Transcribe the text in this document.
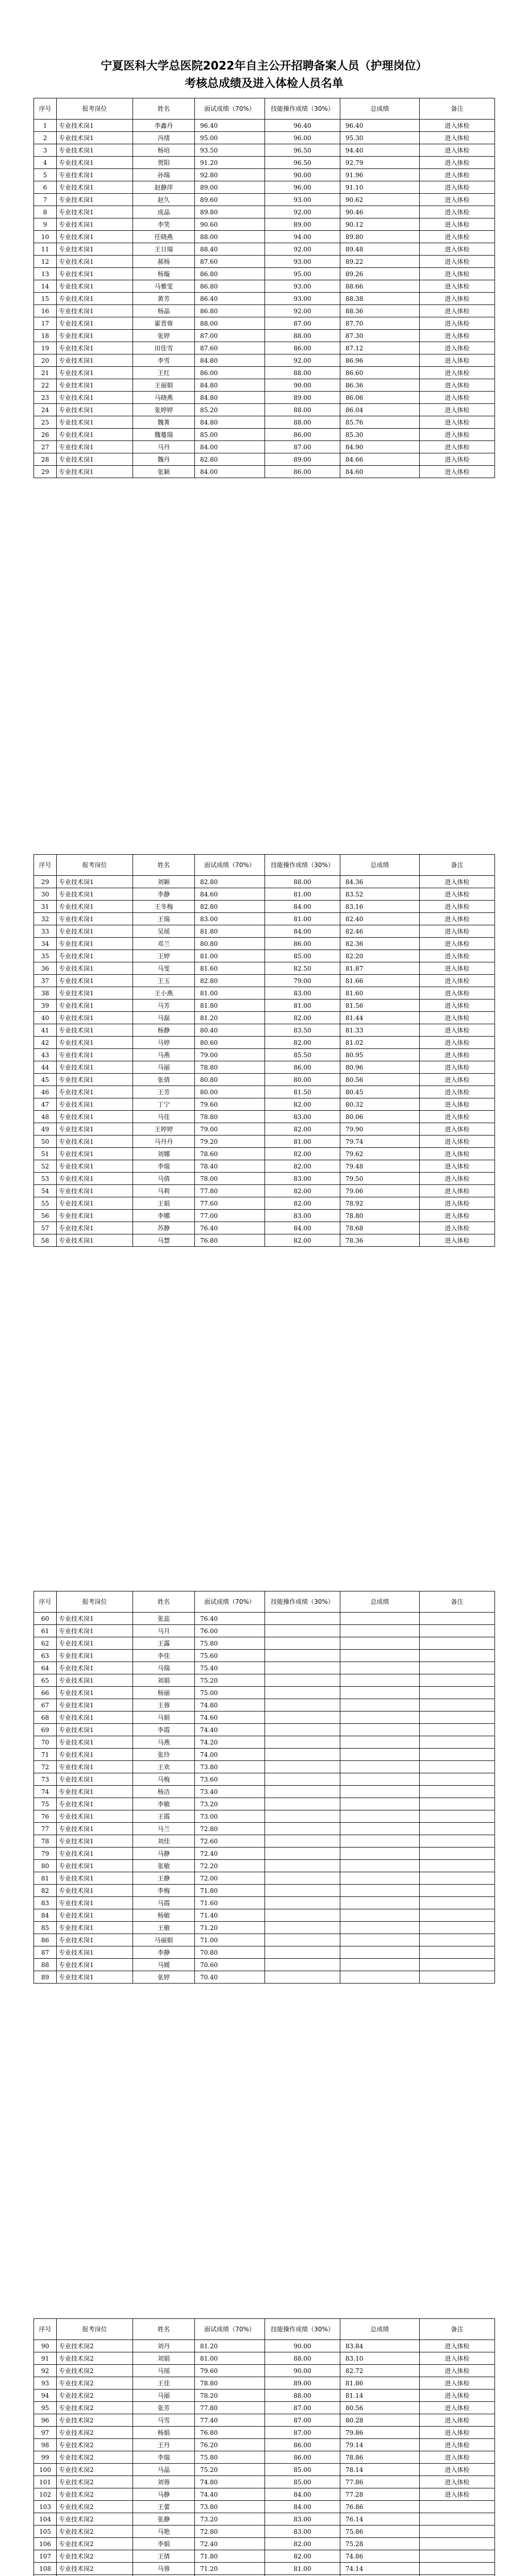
宁夏医科大学总医院2022年自主公开招聘备案人员（护理岗位）
考核总成绩及进入体检人员名单
序号	报考岗位	姓名	面试成绩（70%）	技能操作成绩（30%）	总成绩	备注
1	专业技术岗1	李鑫丹	96.40	96.40	96.40	进入体检
2	专业技术岗1	冯绪	95.00	96.00	95.30	进入体检
3	专业技术岗1	杨培	93.50	96.50	94.40	进入体检
4	专业技术岗1	贾阳	91.20	96.50	92.79	进入体检
5	专业技术岗1	孙瑞	92.80	90.00	91.96	进入体检
6	专业技术岗1	赵静萍	89.00	96.00	91.10	进入体检
7	专业技术岗1	赵久	89.60	93.00	90.62	进入体检
8	专业技术岗1	成晶	89.80	92.00	90.46	进入体检
9	专业技术岗1	李笑	90.60	89.00	90.12	进入体检
10	专业技术岗1	任晓燕	88.00	94.00	89.80	进入体检
11	专业技术岗1	王日瑞	88.40	92.00	89.48	进入体检
12	专业技术岗1	郝杨	87.60	93.00	89.22	进入体检
13	专业技术岗1	杨璇	86.80	95.00	89.26	进入体检
14	专业技术岗1	马雅雯	86.80	93.00	88.66	进入体检
15	专业技术岗1	黄芳	86.40	93.00	88.38	进入体检
16	专业技术岗1	杨晶	86.80	92.00	88.36	进入体检
17	专业技术岗1	霍晋蓉	88.00	87.00	87.70	进入体检
18	专业技术岗1	张婷	87.00	88.00	87.30	进入体检
19	专业技术岗1	田佳雪	87.60	86.00	87.12	进入体检
20	专业技术岗1	李雪	84.80	92.00	86.96	进入体检
21	专业技术岗1	王红	86.00	88.00	86.60	进入体检
22	专业技术岗1	王丽娟	84.80	90.00	86.36	进入体检
23	专业技术岗1	马晓燕	84.80	89.00	86.06	进入体检
24	专业技术岗1	张婷婷	85.20	88.00	86.04	进入体检
25	专业技术岗1	魏菁	84.80	88.00	85.76	进入体检
26	专业技术岗1	魏蔓瑞	85.00	86.00	85.30	进入体检
27	专业技术岗1	马丹	84.00	87.00	84.90	进入体检
28	专业技术岗1	魏丹	82.80	89.00	84.66	进入体检
29	专业技术岗1	张颖	84.00	86.00	84.60	进入体检
序号	报考岗位	姓名	面试成绩（70%）	技能操作成绩（30%）	总成绩	备注
29	专业技术岗1	刘颖	82.80	88.00	84.36	进入体检
30	专业技术岗1	李静	84.60	81.00	83.52	进入体检
31	专业技术岗1	王冬梅	82.80	84.00	83.16	进入体检
32	专业技术岗1	王瑞	83.00	81.00	82.40	进入体检
33	专业技术岗1	吴瑶	81.80	84.00	82.46	进入体检
34	专业技术岗1	邓兰	80.80	86.00	82.36	进入体检
35	专业技术岗1	王婷	81.00	85.00	82.20	进入体检
36	专业技术岗1	马雯	81.60	82.50	81.87	进入体检
37	专业技术岗1	王玉	82.80	79.00	81.66	进入体检
38	专业技术岗1	王小燕	81.00	83.00	81.60	进入体检
39	专业技术岗1	马芳	81.80	81.00	81.56	进入体检
40	专业技术岗1	马磊	81.20	82.00	81.44	进入体检
41	专业技术岗1	杨静	80.40	83.50	81.33	进入体检
42	专业技术岗1	马婷	80.60	82.00	81.02	进入体检
43	专业技术岗1	马燕	79.00	85.50	80.95	进入体检
44	专业技术岗1	马丽	78.80	86.00	80.96	进入体检
45	专业技术岗1	张倩	80.80	80.00	80.56	进入体检
46	专业技术岗1	王芳	80.00	81.50	80.45	进入体检
47	专业技术岗1	丁宁	79.60	82.00	80.32	进入体检
48	专业技术岗1	马佳	78.80	83.00	80.06	进入体检
49	专业技术岗1	王婷婷	79.00	82.00	79.90	进入体检
50	专业技术岗1	马丹丹	79.20	81.00	79.74	进入体检
51	专业技术岗1	刘娜	78.60	82.00	79.62	进入体检
52	专业技术岗1	李瑞	78.40	82.00	79.48	进入体检
53	专业技术岗1	马倩	78.00	83.00	79.50	进入体检
54	专业技术岗1	马莉	77.80	82.00	79.06	进入体检
55	专业技术岗1	王娟	77.60	82.00	78.92	进入体检
56	专业技术岗1	李娜	77.00	83.00	78.80	进入体检
57	专业技术岗1	苏静	76.40	84.00	78.68	进入体检
58	专业技术岗1	马慧	76.80	82.00	78.36	进入体检
序号	报考岗位	姓名	面试成绩（70%）	技能操作成绩（30%）	总成绩	备注
60	专业技术岗1	张蕊	76.40			
61	专业技术岗1	马月	76.00			
62	专业技术岗1	王露	75.80			
63	专业技术岗1	李佳	75.60			
64	专业技术岗1	马瑞	75.40			
65	专业技术岗1	刘娟	75.20			
66	专业技术岗1	杨丽	75.00			
67	专业技术岗1	王蓉	74.80			
68	专业技术岗1	马娟	74.60			
69	专业技术岗1	李霞	74.40			
70	专业技术岗1	马燕	74.20			
71	专业技术岗1	张玲	74.00			
72	专业技术岗1	王欢	73.80			
73	专业技术岗1	马梅	73.60			
74	专业技术岗1	杨洁	73.40			
75	专业技术岗1	李敏	73.20			
76	专业技术岗1	王霞	73.00			
77	专业技术岗1	马兰	72.80			
78	专业技术岗1	刘佳	72.60			
79	专业技术岗1	马静	72.40			
80	专业技术岗1	张敏	72.20			
81	专业技术岗1	王静	72.00			
82	专业技术岗1	李梅	71.80			
83	专业技术岗1	马霞	71.60			
84	专业技术岗1	杨敏	71.40			
85	专业技术岗1	王敏	71.20			
86	专业技术岗1	马丽娟	71.00			
87	专业技术岗1	李静	70.80			
88	专业技术岗1	马媛	70.60			
89	专业技术岗1	张婷	70.40			
序号	报考岗位	姓名	面试成绩（70%）	技能操作成绩（30%）	总成绩	备注
90	专业技术岗2	刘丹	81.20	90.00	83.84	进入体检
91	专业技术岗2	刘娟	81.00	88.00	83.10	进入体检
92	专业技术岗2	马瑶	79.60	90.00	82.72	进入体检
93	专业技术岗2	王佳	78.80	89.00	81.86	进入体检
94	专业技术岗2	马丽	78.20	88.00	81.14	进入体检
95	专业技术岗2	张芳	77.80	87.00	80.56	进入体检
96	专业技术岗2	马雪	77.40	87.00	80.28	进入体检
97	专业技术岗2	杨娟	76.80	87.00	79.86	进入体检
98	专业技术岗2	王丹	76.20	86.00	79.14	进入体检
99	专业技术岗2	李瑞	75.80	86.00	78.86	进入体检
100	专业技术岗2	马晶	75.20	85.00	78.14	进入体检
101	专业技术岗2	刘蓉	74.80	85.00	77.86	进入体检
102	专业技术岗2	马静	74.40	84.00	77.28	进入体检
103	专业技术岗2	王蕾	73.80	84.00	76.86	
104	专业技术岗2	张静	73.20	83.00	76.14	
105	专业技术岗2	马艳	72.80	83.00	75.86	
106	专业技术岗2	李娟	72.40	82.00	75.28	
107	专业技术岗2	王倩	71.80	82.00	74.86	
108	专业技术岗2	马蓉	71.20	81.00	74.14	
